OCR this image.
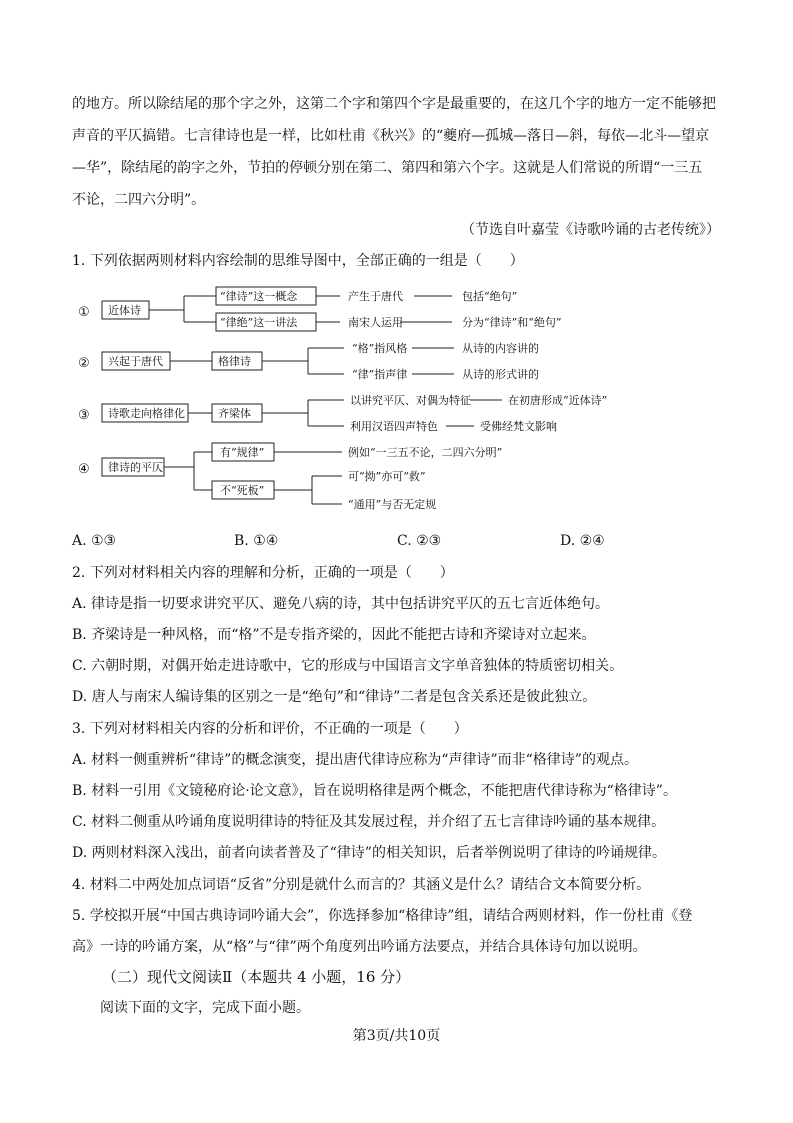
的地方。所以除结尾的那个字之外，这第二个字和第四个字是最重要的，在这几个字的地方一定不能够把
声音的平仄搞错。七言律诗也是一样，比如杜甫《秋兴》的“夔府—孤城—落日—斜，每依—北斗—望京
—华”，除结尾的韵字之外，节拍的停顿分别在第二、第四和第六个字。这就是人们常说的所谓“一三五
不论，二四六分明”。
（节选自叶嘉莹《诗歌吟诵的古老传统》）
1. 下列依据两则材料内容绘制的思维导图中，全部正确的一组是（　　）
①
②
③
④
近体诗
“律诗”这一概念
“律绝”这一讲法
产生于唐代	包括“绝句”
南宋人运用	分为“律诗”和“绝句”
兴起于唐代	格律诗
“格”指风格	从诗的内容讲的
“律”指声律	从诗的形式讲的
诗歌走向格律化	齐梁体
以讲究平仄、对偶为特征	在初唐形成“近体诗”
利用汉语四声特色	受佛经梵文影响
律诗的平仄
有“规律”
不“死板”
例如“一三五不论，二四六分明”
可“拗”亦可“救”
“通用”与否无定规
A. ①③	B. ①④	C. ②③	D. ②④
2. 下列对材料相关内容的理解和分析，正确的一项是（　　）
A. 律诗是指一切要求讲究平仄、避免八病的诗，其中包括讲究平仄的五七言近体绝句。
B. 齐梁诗是一种风格，而“格”不是专指齐梁的，因此不能把古诗和齐梁诗对立起来。
C. 六朝时期，对偶开始走进诗歌中，它的形成与中国语言文字单音独体的特质密切相关。
D. 唐人与南宋人编诗集的区别之一是“绝句”和“律诗”二者是包含关系还是彼此独立。
3. 下列对材料相关内容的分析和评价，不正确的一项是（　　）
A. 材料一侧重辨析“律诗”的概念演变，提出唐代律诗应称为“声律诗”而非“格律诗”的观点。
B. 材料一引用《文镜秘府论·论文意》，旨在说明格律是两个概念，不能把唐代律诗称为“格律诗”。
C. 材料二侧重从吟诵角度说明律诗的特征及其发展过程，并介绍了五七言律诗吟诵的基本规律。
D. 两则材料深入浅出，前者向读者普及了“律诗”的相关知识，后者举例说明了律诗的吟诵规律。
4. 材料二中两处加点词语“反省”分别是就什么而言的？其涵义是什么？请结合文本简要分析。
5. 学校拟开展“中国古典诗词吟诵大会”，你选择参加“格律诗”组，请结合两则材料，作一份杜甫《登
高》一诗的吟诵方案，从“格”与“律”两个角度列出吟诵方法要点，并结合具体诗句加以说明。
（二）现代文阅读Ⅱ（本题共 4 小题，16 分）
阅读下面的文字，完成下面小题。
第3页/共10页
